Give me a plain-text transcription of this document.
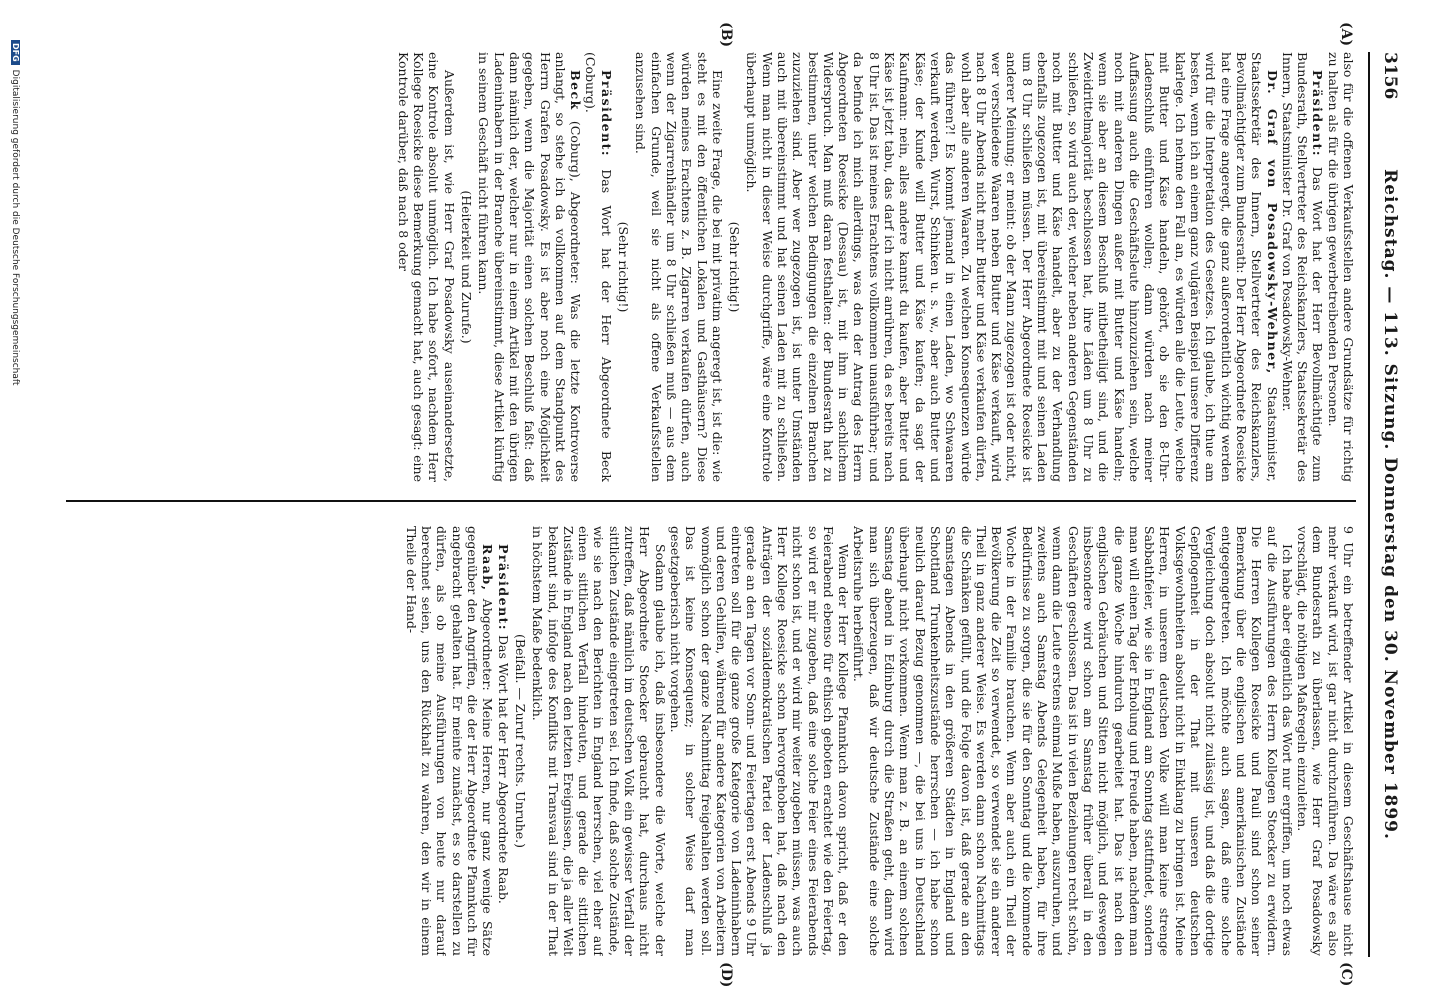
3156
Reichstag. — 113. Sitzung. Donnerstag den 30. November 1899.
(A)
(B)
(C)
(D)

also für die offenen Verkaufsstellen andere Grundsätze für richtig zu halten als für die übrigen gewerbetreibenden Personen.

Präsident: Das Wort hat der Herr Bevollmächtigte zum Bundesrath, Stellvertreter des Reichskanzlers, Staatssekretär des Innern, Staatsminister Dr. Graf von Posadowsky-Wehner.

Dr. Graf von Posadowsky-Wehner, Staatsminister, Staatssekretär des Innern, Stellvertreter des Reichskanzlers, Bevollmächtigter zum Bundesrath: Der Herr Abgeordnete Roesicke hat eine Frage angeregt, die ganz außerordentlich wichtig werden wird für die Interpretation des Gesetzes. Ich glaube, ich thue am besten, wenn ich an einem ganz vulgären Beispiel unsere Differenz klarlege. Ich nehme den Fall an, es würden alle die Leute, welche mit Butter und Käse handeln, gehört, ob sie den 8-Uhr-Ladenschluß einführen wollen; dann würden nach meiner Auffassung auch die Geschäftsleute hinzuzuziehen sein, welche noch mit anderen Dingen außer mit Butter und Käse handeln; wenn sie aber an diesem Beschluß mitbetheiligt sind, und die Zweidrittelmajorität beschlossen hat, ihre Läden um 8 Uhr zu schließen, so wird auch der, welcher neben anderen Gegenständen noch mit Butter und Käse handelt, aber zu der Verhandlung ebenfalls zugezogen ist, mit übereinstimmt mit und seinen Laden um 8 Uhr schließen müssen. Der Herr Abgeordnete Roesicke ist anderer Meinung; er meint: ob der Mann zugezogen ist oder nicht, wer verschiedene Waaren neben Butter und Käse verkauft, wird nach 8 Uhr Abends nicht mehr Butter und Käse verkaufen dürfen, wohl aber alle anderen Waaren. Zu welchen Konsequenzen würde das führen?! Es kommt jemand in einen Laden, wo Schwaaren verkauft werden, Wurst, Schinken u. s. w., aber auch Butter und Käse; der Kunde will Butter und Käse kaufen; da sagt der Kaufmann: nein, alles andere kannst du kaufen, aber Butter und Käse ist jetzt tabu, das darf ich nicht anrühren, da es bereits nach 8 Uhr ist. Das ist meines Erachtens vollkommen unausführbar; und da befinde ich mich allerdings, was den der Antrag des Herrn Abgeordneten Roesicke (Dessau) ist, mit ihm in sachlichem Widerspruch. Man muß daran festhalten: der Bundesrath hat zu bestimmen, unter welchen Bedingungen die einzelnen Branchen zuzuziehen sind. Aber wer zugezogen ist, ist unter Umständen auch mit übereinstimmt und hat seinen Laden mit zu schließen. Wenn man nicht in dieser Weise durchgriffe, wäre eine Kontrole überhaupt unmöglich.

(Sehr richtig!)

Eine zweite Frage, die bei mit privatim angeregt ist, ist die: wie steht es mit den öffentlichen Lokalen und Gasthäusern? Diese würden meines Erachtens z. B. Zigarren verkaufen dürfen, auch wenn der Zigarrenhändler um 8 Uhr schließen muß — aus dem einfachen Grunde, weil sie nicht als offene Verkaufsstellen anzusehen sind.

(Sehr richtig!)

Präsident: Das Wort hat der Herr Abgeordnete Beck (Coburg).

Beck (Coburg), Abgeordneter: Was die letzte Kontroverse anlangt, so stehe ich da vollkommen auf dem Standpunkt des Herrn Grafen Posadowsky. Es ist aber noch eine Möglichkeit gegeben, wenn die Majorität einen solchen Beschluß faßt: daß dann nämlich der, welcher nur in einem Artikel mit den übrigen Ladeninhabern in der Branche übereinstimmt, diese Artikel künftig in seinem Geschäft nicht führen kann.

(Heiterkeit und Zurufe.)

Außerdem ist, wie Herr Graf Posadowsky auseinandersetzte, eine Kontrole absolut unmöglich. Ich habe sofort, nachdem Herr Kollege Roesicke diese Bemerkung gemacht hat, auch gesagt: eine Kontrole darüber, daß nach 8 oder

9 Uhr ein betreffender Artikel in diesem Geschäftshause nicht mehr verkauft wird, ist gar nicht durchzuführen. Da wäre es also dem Bundesrath zu überlassen, wie Herr Graf Posadowsky vorschlägt, die nöthigen Maßregeln einzuleiten.

Ich habe aber eigentlich das Wort nur ergriffen, um noch etwas auf die Ausführungen des Herrn Kollegen Stoecker zu erwidern. Die Herren Kollegen Roesicke und Pauli sind schon seiner Bemerkung über die englischen und amerikanischen Zustände entgegengetreten. Ich möchte auch sagen, daß eine solche Vergleichung doch absolut nicht zulässig ist, und daß die dortige Gepflogenheit in der That mit unseren deutschen Volksgewohnheiten absolut nicht in Einklang zu bringen ist. Meine Herren, in unserem deutschen Volke will man keine strenge Sabbathfeier, wie sie in England am Sonntag stattfindet, sondern man will einen Tag der Erholung und Freude haben, nachdem man die ganze Woche hindurch gearbeitet hat. Das ist nach den englischen Gebräuchen und Sitten nicht möglich, und deswegen insbesondere wird schon am Samstag früher überall in den Geschäften geschlossen. Das ist in vielen Beziehungen recht schön, wenn dann die Leute erstens einmal Muße haben, auszuruhen, und zweitens auch Samstag Abends Gelegenheit haben, für ihre Bedürfnisse zu sorgen, die sie für den Sonntag und die kommende Woche in der Familie brauchen. Wenn aber auch ein Theil der Bevölkerung die Zeit so verwendet, so verwendet sie ein anderer Theil in ganz anderer Weise. Es werden dann schon Nachmittags die Schänken gefüllt, und die Folge davon ist, daß gerade an den Samstagen Abends in den größeren Städten in England und Schottland Trunkenheitszustände herrschen — ich habe schon neulich darauf Bezug genommen —, die bei uns in Deutschland überhaupt nicht vorkommen. Wenn man z. B. an einem solchen Samstag abend in Edinburg durch die Straßen geht, dann wird man sich überzeugen, daß wir deutsche Zustände eine solche Arbeitsruhe herbeiführt.

Wenn der Herr Kollege Pfannkuch davon spricht, daß er den Feierabend ebenso für ethisch geboten erachtet wie den Feiertag, so wird er mir zugeben, daß eine solche Feier eines Feierabends nicht schon ist, und er wird mir weiter zugeben müssen, was auch Herr Kollege Roesicke schon hervorgehoben hat, daß nach den Anträgen der sozialdemokratischen Partei der Ladenschluß ja gerade an den Tagen vor Sonn- und Feiertagen erst Abends 9 Uhr eintreten soll für die ganze große Kategorie von Ladeninhabern und deren Gehilfen, während für andere Kategorien von Arbeitern womöglich schon der ganze Nachmittag freigehalten werden soll. Das ist keine Konsequenz; in solcher Weise darf man gesetzgeberisch nicht vorgehen.

Sodann glaube ich, daß insbesondere die Worte, welche der Herr Abgeordnete Stoecker gebraucht hat, durchaus nicht zutreffen, daß nämlich im deutschen Volk ein gewisser Verfall der sittlichen Zustände eingetreten sei. Ich finde, daß solche Zustände, wie sie nach den Berichten in England herrschen, viel eher auf einen sittlichen Verfall hindeuten, und gerade die sittlichen Zustände in England nach den letzten Ereignissen, die ja aller Welt bekannt sind, infolge des Konflikts mit Transvaal sind in der That in höchstem Maße bedenklich.

(Beifall. — Zuruf rechts. Unruhe.)

Präsident: Das Wort hat der Herr Abgeordnete Raab.

Raab, Abgeordneter: Meine Herren, nur ganz wenige Sätze gegenüber den Angriffen, die der Herr Abgeordnete Pfannkuch für angebracht gehalten hat. Er meinte zunächst, es so darstellen zu dürfen, als ob meine Ausführungen von heute nur darauf berechnet seien, uns den Rückhalt zu wahren, den wir in einem Theile der Hand-

DFGDigitalisierung gefördert durch die Deutsche Forschungsgemeinschaft
